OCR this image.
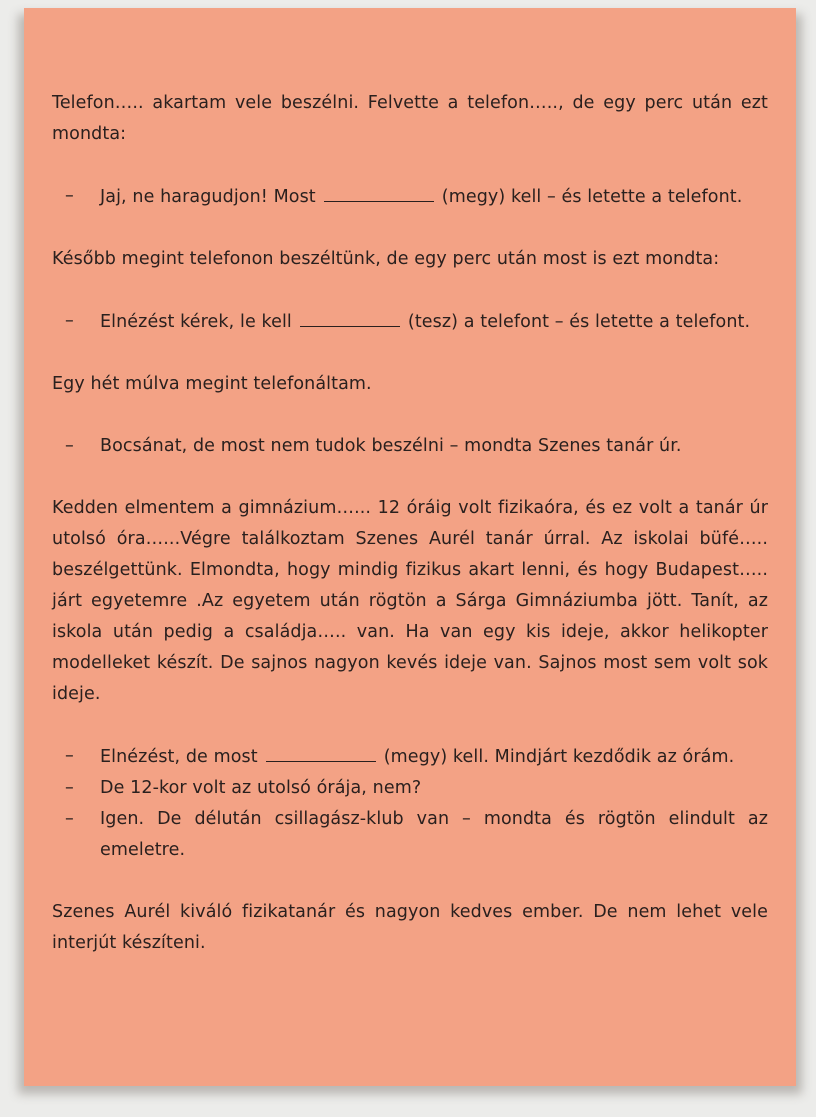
Telefon….. akartam vele beszélni. Felvette a telefon….., de egy perc után ezt mondta:

– Jaj, ne haragudjon! Most	(megy) kell – és letette a telefont.

Később megint telefonon beszéltünk, de egy perc után most is ezt mondta:

– Elnézést kérek, le kell	(tesz) a telefont – és letette a telefont.

Egy hét múlva megint telefonáltam.

– Bocsánat, de most nem tudok beszélni – mondta Szenes tanár úr.

Kedden elmentem a gimnázium…... 12 óráig volt fizikaóra, és ez volt a tanár úr utolsó óra…...Végre találkoztam Szenes Aurél tanár úrral. Az iskolai büfé….. beszélgettünk. Elmondta, hogy mindig fizikus akart lenni, és hogy Budapest….. járt egyetemre .Az egyetem után rögtön a Sárga Gimnáziumba jött. Tanít, az iskola után pedig a családja….. van. Ha van egy kis ideje, akkor helikopter modelleket készít. De sajnos nagyon kevés ideje van. Sajnos most sem volt sok ideje.

– Elnézést, de most	(megy) kell. Mindjárt kezdődik az órám.
– De 12-kor volt az utolsó órája, nem?
– Igen. De délután csillagász-klub van – mondta és rögtön elindult az emeletre.

Szenes Aurél kiváló fizikatanár és nagyon kedves ember. De nem lehet vele interjút készíteni.
